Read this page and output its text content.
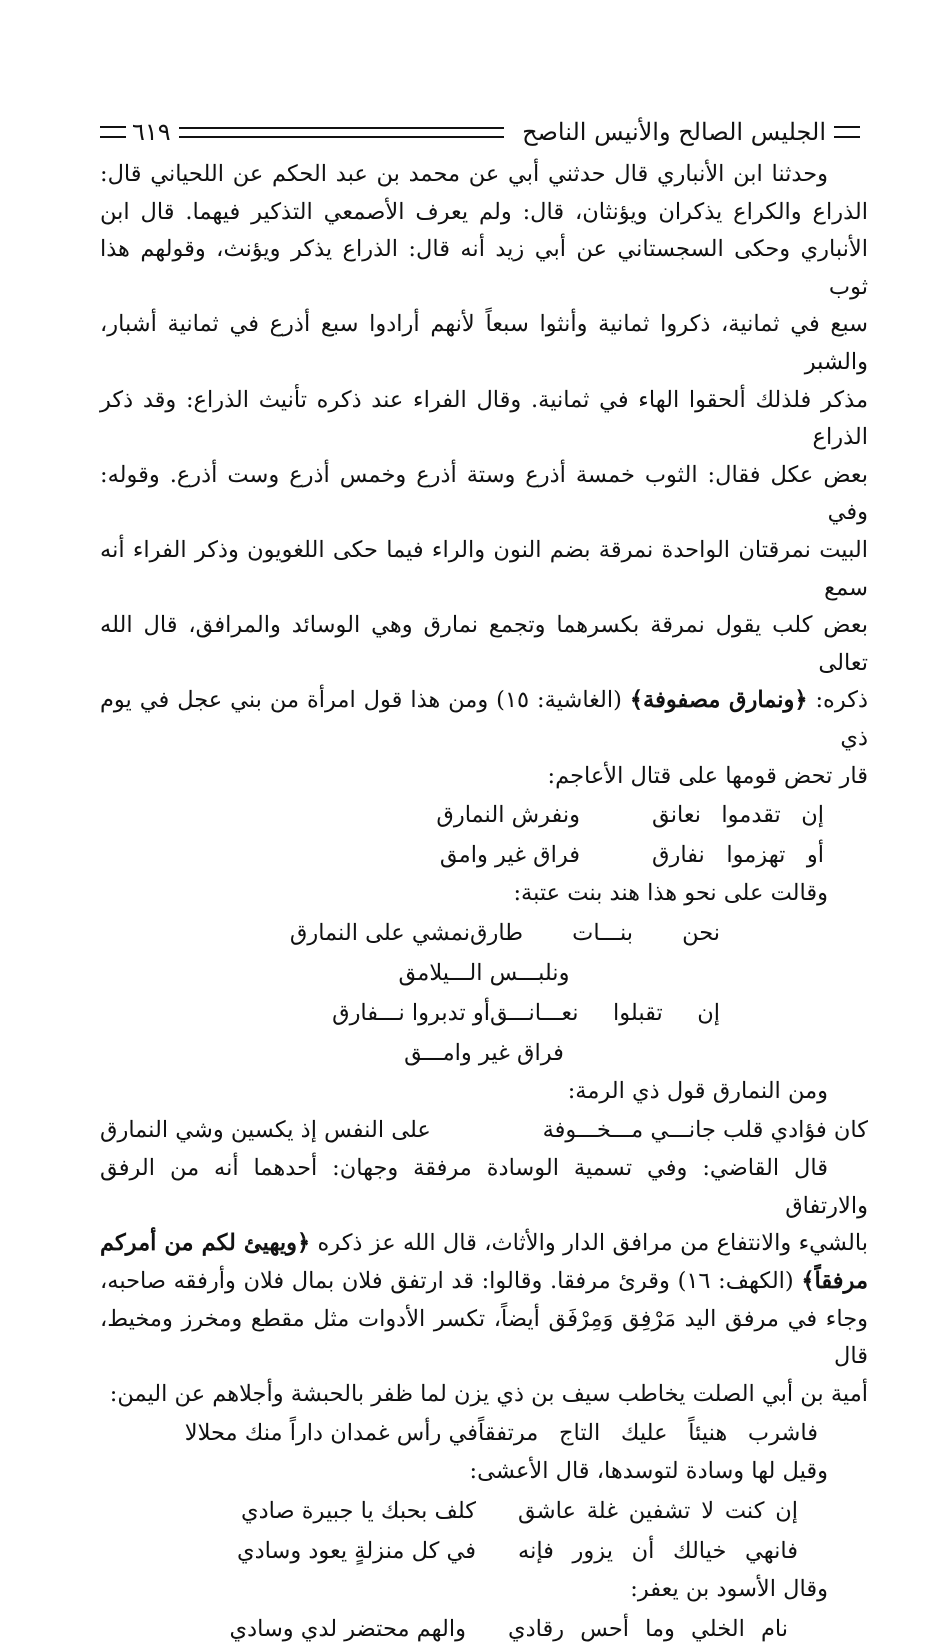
الجليس الصالح والأنيس الناصح
٦١٩

وحدثنا ابن الأنباري قال حدثني أبي عن محمد بن عبد الحكم عن اللحياني قال:

الذراع والكراع يذكران ويؤنثان، قال: ولم يعرف الأصمعي التذكير فيهما. قال ابن

الأنباري وحكى السجستاني عن أبي زيد أنه قال: الذراع يذكر ويؤنث، وقولهم هذا ثوب

سبع في ثمانية، ذكروا ثمانية وأنثوا سبعاً لأنهم أرادوا سبع أذرع في ثمانية أشبار، والشبر

مذكر فلذلك ألحقوا الهاء في ثمانية. وقال الفراء عند ذكره تأنيث الذراع: وقد ذكر الذراع

بعض عكل فقال: الثوب خمسة أذرع وستة أذرع وخمس أذرع وست أذرع. وقوله: وفي

البيت نمرقتان الواحدة نمرقة بضم النون والراء فيما حكى اللغويون وذكر الفراء أنه سمع

بعض كلب يقول نمرقة بكسرهما وتجمع نمارق وهي الوسائد والمرافق، قال الله تعالى

ذكره: ﴿ونمارق مصفوفة﴾ (الغاشية: ١٥) ومن هذا قول امرأة من بني عجل في يوم ذي

قار تحض قومها على قتال الأعاجم:

إن تقدموا نعانق
ونفرش النمارق
أو تهزموا نفارق
فراق غير وامق

وقالت على نحو هذا هند بنت عتبة:

نحن بنـــات طارق
نمشي على النمارق

ونلبـــس الـــيلامق

إن تقبلوا نعـــانـــق
أو تدبروا نـــفارق

فراق غير وامـــق

ومن النمارق قول ذي الرمة:

كان فؤادي قلب جانـــي مـــخـــوفة
على النفس إذ يكسين وشي النمارق

قال القاضي: وفي تسمية الوسادة مرفقة وجهان: أحدهما أنه من الرفق والارتفاق

بالشيء والانتفاع من مرافق الدار والأثاث، قال الله عز ذكره ﴿ويهيئ لكم من أمركم

مرفقاً﴾ (الكهف: ١٦) وقرئ مرفقا. وقالوا: قد ارتفق فلان بمال فلان وأرفقه صاحبه،

وجاء في مرفق اليد مَرْفِق وَمِرْفَق أيضاً، تكسر الأدوات مثل مقطع ومخرز ومخيط، قال

أمية بن أبي الصلت يخاطب سيف بن ذي يزن لما ظفر بالحبشة وأجلاهم عن اليمن:

فاشرب هنيئاً عليك التاج مرتفقاً
في رأس غمدان داراً منك محلالا

وقيل لها وسادة لتوسدها، قال الأعشى:

إن كنت لا تشفين غلة عاشق
كلف بحبك يا جبيرة صادي
فانهي خيالك أن يزور فإنه
في كل منزلةٍ يعود وسادي

وقال الأسود بن يعفر:

نام الخلي وما أحس رقادي
والهم محتضر لدي وسادي
